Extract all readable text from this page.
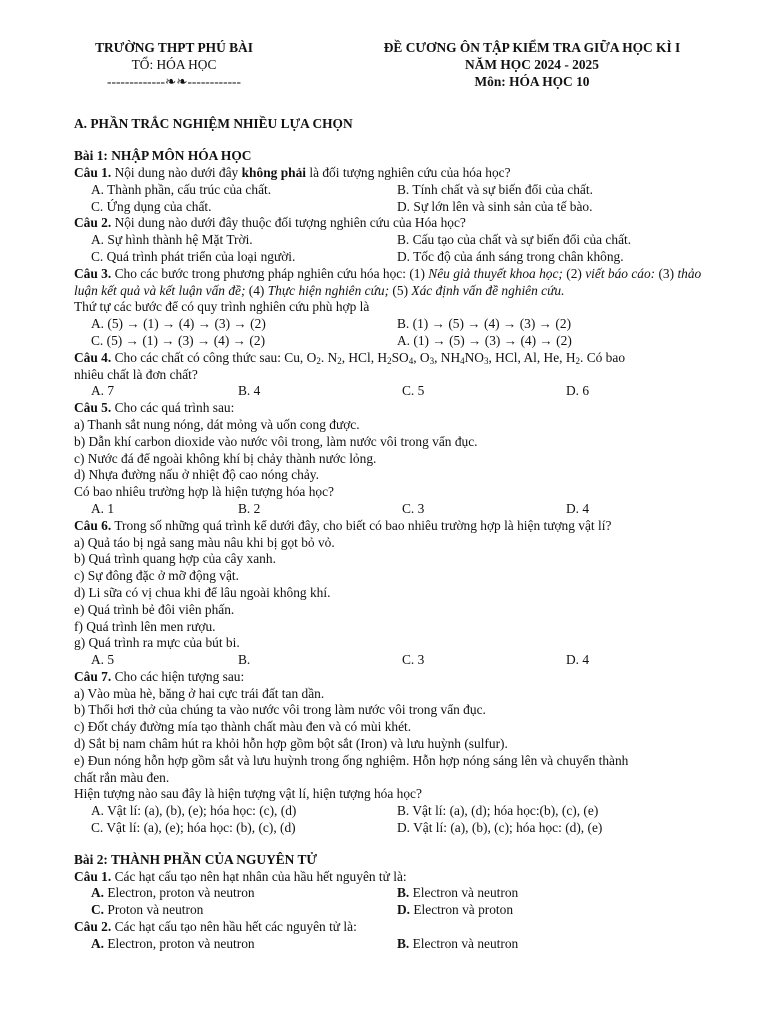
TRƯỜNG THPT PHÚ BÀI
TỔ: HÓA HỌC
-------------❧❧------------
ĐỀ CƯƠNG ÔN TẬP KIỂM TRA GIỮA HỌC KÌ I
NĂM HỌC 2024 - 2025
Môn: HÓA HỌC 10
A. PHẦN TRẮC NGHIỆM NHIỀU LỰA CHỌN
Bài 1: NHẬP MÔN HÓA HỌC
Câu 1. Nội dung nào dưới đây không phải là đối tượng nghiên cứu của hóa học?
A. Thành phần, cấu trúc của chất.	B. Tính chất và sự biến đổi của chất.
C. Ứng dụng của chất.	D. Sự lớn lên và sinh sản của tế bào.
Câu 2. Nội dung nào dưới đây thuộc đối tượng nghiên cứu của Hóa học?
A. Sự hình thành hệ Mặt Trời.	B. Cấu tạo của chất và sự biến đổi của chất.
C. Quá trình phát triển của loại người.	D. Tốc độ của ánh sáng trong chân không.
Câu 3. Cho các bước trong phương pháp nghiên cứu hóa học: (1) Nêu giả thuyết khoa học; (2) viết báo cáo: (3) thảo luận kết quả và kết luận vấn đề; (4) Thực hiện nghiên cứu; (5) Xác định vấn đề nghiên cứu.
Thứ tự các bước để có quy trình nghiên cứu phù hợp là
A. (5) → (1) → (4) → (3) → (2)	B. (1) → (5) → (4) → (3) → (2)
C. (5) → (1) → (3) → (4) → (2)	A. (1) → (5) → (3) → (4) → (2)
Câu 4. Cho các chất có công thức sau: Cu, $O_2$. $N_2$, HCl, $H_2SO_4$, $O_3$, $NH_4NO_3$, HCl, Al, He, $H_2$. Có bao
nhiêu chất là đơn chất?
A. 7	B. 4	C. 5	D. 6
Câu 5. Cho các quá trình sau:
a) Thanh sắt nung nóng, dát mỏng và uốn cong được.
b) Dẫn khí carbon dioxide vào nước vôi trong, làm nước vôi trong vẩn đục.
c) Nước đá để ngoài không khí bị chảy thành nước lỏng.
d) Nhựa đường nấu ở nhiệt độ cao nóng chảy.
Có bao nhiêu trường hợp là hiện tượng hóa học?
A. 1	B. 2	C. 3	D. 4
Câu 6. Trong số những quá trình kể dưới đây, cho biết có bao nhiêu trường hợp là hiện tượng vật lí?
a) Quả táo bị ngả sang màu nâu khi bị gọt bỏ vỏ.
b) Quá trình quang hợp của cây xanh.
c) Sự đông đặc ở mỡ động vật.
d) Li sữa có vị chua khi để lâu ngoài không khí.
e) Quá trình bẻ đôi viên phấn.
f) Quá trình lên men rượu.
g) Quá trình ra mực của bút bi.
A. 5	B.	C. 3	D. 4
Câu 7. Cho các hiện tượng sau:
a) Vào mùa hè, băng ở hai cực trái đất tan dần.
b) Thổi hơi thở của chúng ta vào nước vôi trong làm nước vôi trong vẩn đục.
c) Đốt cháy đường mía tạo thành chất màu đen và có mùi khét.
d) Sắt bị nam châm hút ra khỏi hỗn hợp gồm bột sắt (Iron) và lưu huỳnh (sulfur).
e) Đun nóng hỗn hợp gồm sắt và lưu huỳnh trong ống nghiệm. Hỗn hợp nóng sáng lên và chuyển thành
chất rắn màu đen.
Hiện tượng nào sau đây là hiện tượng vật lí, hiện tượng hóa học?
A. Vật lí: (a), (b), (e); hóa học: (c), (d)	B. Vật lí: (a), (d); hóa học:(b), (c), (e)
C. Vật lí: (a), (e); hóa học: (b), (c), (d)	D. Vật lí: (a), (b), (c); hóa học: (d), (e)
Bài 2: THÀNH PHẦN CỦA NGUYÊN TỬ
Câu 1. Các hạt cấu tạo nên hạt nhân của hầu hết nguyên tử là:
A. Electron, proton và neutron	B. Electron và neutron
C. Proton và neutron	D. Electron và proton
Câu 2. Các hạt cấu tạo nên hầu hết các nguyên tử là:
A. Electron, proton và neutron	B. Electron và neutron
